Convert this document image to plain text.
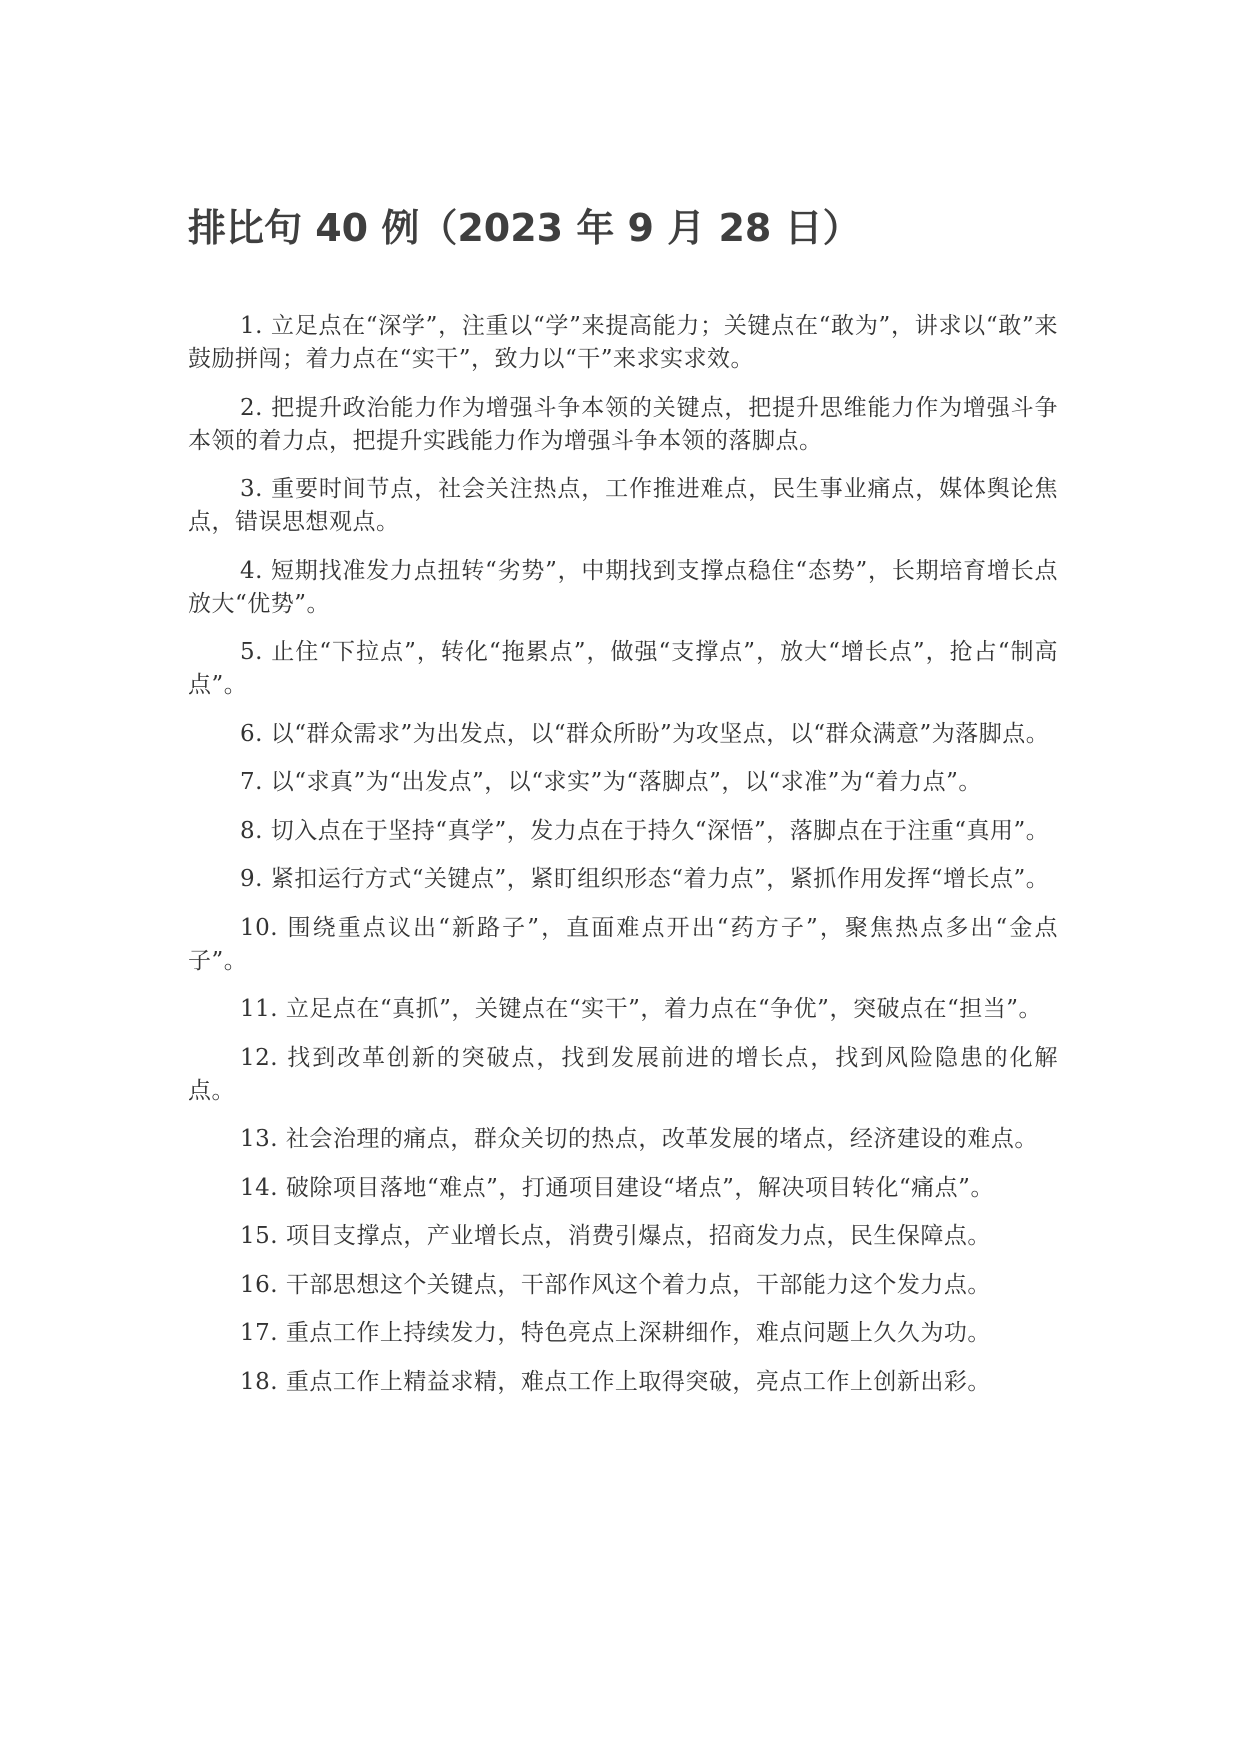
排比句 40 例（2023 年 9 月 28 日）

1. 立足点在“深学”，注重以“学”来提高能力；关键点在“敢为”，讲求以“敢”来鼓励拼闯；着力点在“实干”，致力以“干”来求实求效。

2. 把提升政治能力作为增强斗争本领的关键点，把提升思维能力作为增强斗争本领的着力点，把提升实践能力作为增强斗争本领的落脚点。

3. 重要时间节点，社会关注热点，工作推进难点，民生事业痛点，媒体舆论焦点，错误思想观点。

4. 短期找准发力点扭转“劣势”，中期找到支撑点稳住“态势”，长期培育增长点放大“优势”。

5. 止住“下拉点”，转化“拖累点”，做强“支撑点”，放大“增长点”，抢占“制高点”。

6. 以“群众需求”为出发点，以“群众所盼”为攻坚点，以“群众满意”为落脚点。

7. 以“求真”为“出发点”，以“求实”为“落脚点”，以“求准”为“着力点”。

8. 切入点在于坚持“真学”，发力点在于持久“深悟”，落脚点在于注重“真用”。

9. 紧扣运行方式“关键点”，紧盯组织形态“着力点”，紧抓作用发挥“增长点”。

10. 围绕重点议出“新路子”，直面难点开出“药方子”，聚焦热点多出“金点子”。

11. 立足点在“真抓”，关键点在“实干”，着力点在“争优”，突破点在“担当”。

12. 找到改革创新的突破点，找到发展前进的增长点，找到风险隐患的化解点。

13. 社会治理的痛点，群众关切的热点，改革发展的堵点，经济建设的难点。

14. 破除项目落地“难点”，打通项目建设“堵点”，解决项目转化“痛点”。

15. 项目支撑点，产业增长点，消费引爆点，招商发力点，民生保障点。

16. 干部思想这个关键点，干部作风这个着力点，干部能力这个发力点。

17. 重点工作上持续发力，特色亮点上深耕细作，难点问题上久久为功。

18. 重点工作上精益求精，难点工作上取得突破，亮点工作上创新出彩。
